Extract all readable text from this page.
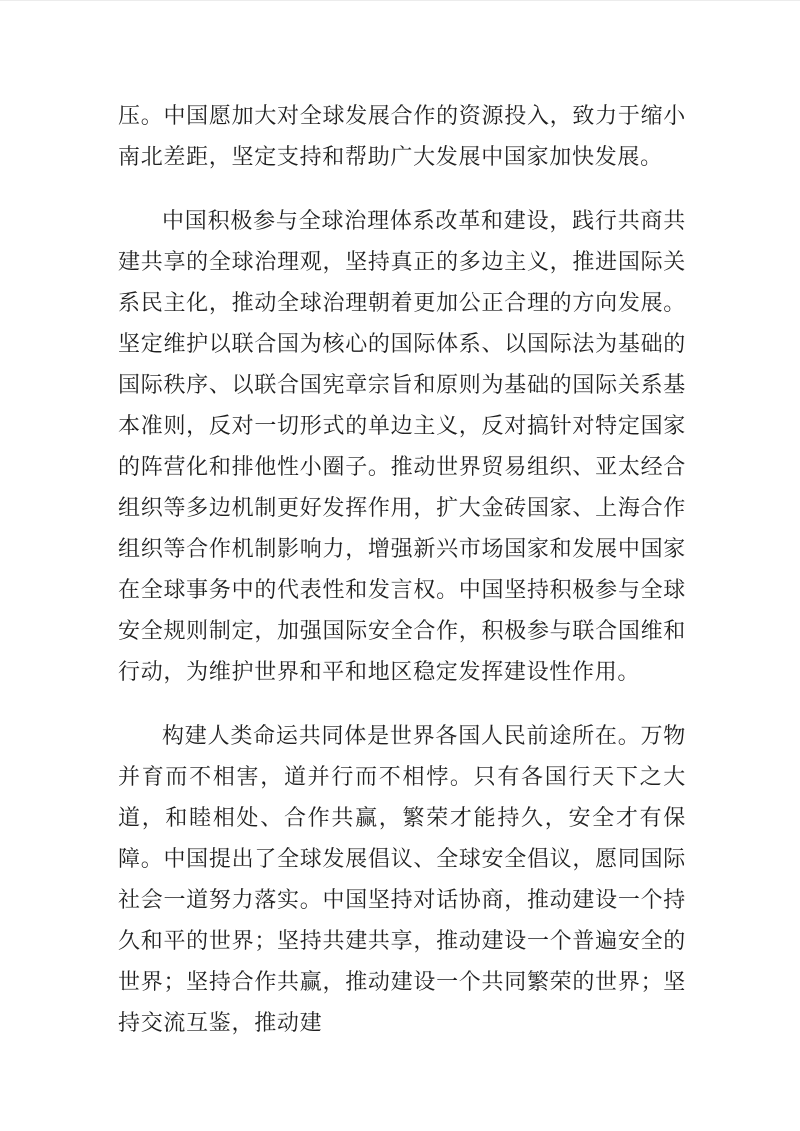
压。中国愿加大对全球发展合作的资源投入，致力于缩小南北差距，坚定支持和帮助广大发展中国家加快发展。

中国积极参与全球治理体系改革和建设，践行共商共建共享的全球治理观，坚持真正的多边主义，推进国际关系民主化，推动全球治理朝着更加公正合理的方向发展。坚定维护以联合国为核心的国际体系、以国际法为基础的国际秩序、以联合国宪章宗旨和原则为基础的国际关系基本准则，反对一切形式的单边主义，反对搞针对特定国家的阵营化和排他性小圈子。推动世界贸易组织、亚太经合组织等多边机制更好发挥作用，扩大金砖国家、上海合作组织等合作机制影响力，增强新兴市场国家和发展中国家在全球事务中的代表性和发言权。中国坚持积极参与全球安全规则制定，加强国际安全合作，积极参与联合国维和行动，为维护世界和平和地区稳定发挥建设性作用。

构建人类命运共同体是世界各国人民前途所在。万物并育而不相害，道并行而不相悖。只有各国行天下之大道，和睦相处、合作共赢，繁荣才能持久，安全才有保障。中国提出了全球发展倡议、全球安全倡议，愿同国际社会一道努力落实。中国坚持对话协商，推动建设一个持久和平的世界；坚持共建共享，推动建设一个普遍安全的世界；坚持合作共赢，推动建设一个共同繁荣的世界；坚持交流互鉴，推动建
